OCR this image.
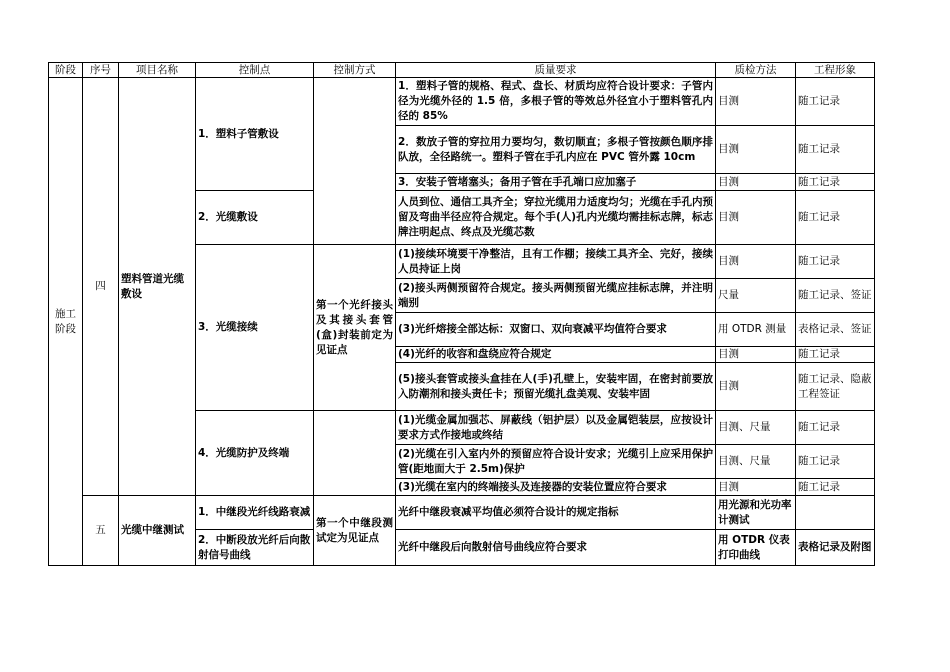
阶段	序号	项目名称	控制点	控制方式	质量要求	质检方法	工程形象
施工阶段	四	塑料管道光缆敷设	1．塑料子管敷设		1．塑料子管的规格、程式、盘长、材质均应符合设计要求：子管内径为光缆外径的 1.5 倍，多根子管的等效总外径宜小于塑料管孔内径的 85%	目测	随工记录
					2．数放子管的穿拉用力要均匀，数切顺直；多根子管按颜色顺序排队放，全径路统一。塑料子管在手孔内应在 PVC 管外露 10cm	目测	随工记录
					3．安装子管堵塞头；备用子管在手孔端口应加塞子	目测	随工记录
			2．光缆敷设		人员到位、通信工具齐全；穿拉光缆用力适度均匀；光缆在手孔内预留及弯曲半径应符合规定。每个手(人)孔内光缆均需挂标志牌，标志牌注明起点、终点及光缆芯数	目测	随工记录
			3．光缆接续	第一个光纤接头及其接头套管(盒)封装前定为见证点	(1)接续环境要干净整洁，且有工作棚；接续工具齐全、完好，接续人员持证上岗	目测	随工记录
					(2)接头两侧预留符合规定。接头两侧预留光缆应挂标志牌，并注明端别	尺量	随工记录、签证
					(3)光纤熔接全部达标：双窗口、双向衰减平均值符合要求	用 OTDR 测量	表格记录、签证
					(4)光纤的收容和盘绕应符合规定	目测	随工记录
					(5)接头套管或接头盒挂在人(手)孔壁上，安装牢固，在密封前要放入防潮剂和接头责任卡；预留光缆扎盘美观、安装牢固	目测	随工记录、隐蔽工程签证
			4．光缆防护及终端		(1)光缆金属加强芯、屏蔽线（铝护层）以及金属铠装层，应按设计要求方式作接地或终结	目测、尺量	随工记录
					(2)光缆在引入室内外的预留应符合设计安求；光缆引上应采用保护管(距地面大于 2.5m)保护	目测、尺量	随工记录
					(3)光缆在室内的终端接头及连接器的安装位置应符合要求	目测	随工记录
	五	光缆中继测试	1．中继段光纤线路衰减	第一个中继段测试定为见证点	光纤中继段衰减平均值必须符合设计的规定指标	用光源和光功率计测试	
			2．中断段放光纤后向散射信号曲线		光纤中继段后向散射信号曲线应符合要求	用 OTDR 仪表打印曲线	表格记录及附图
